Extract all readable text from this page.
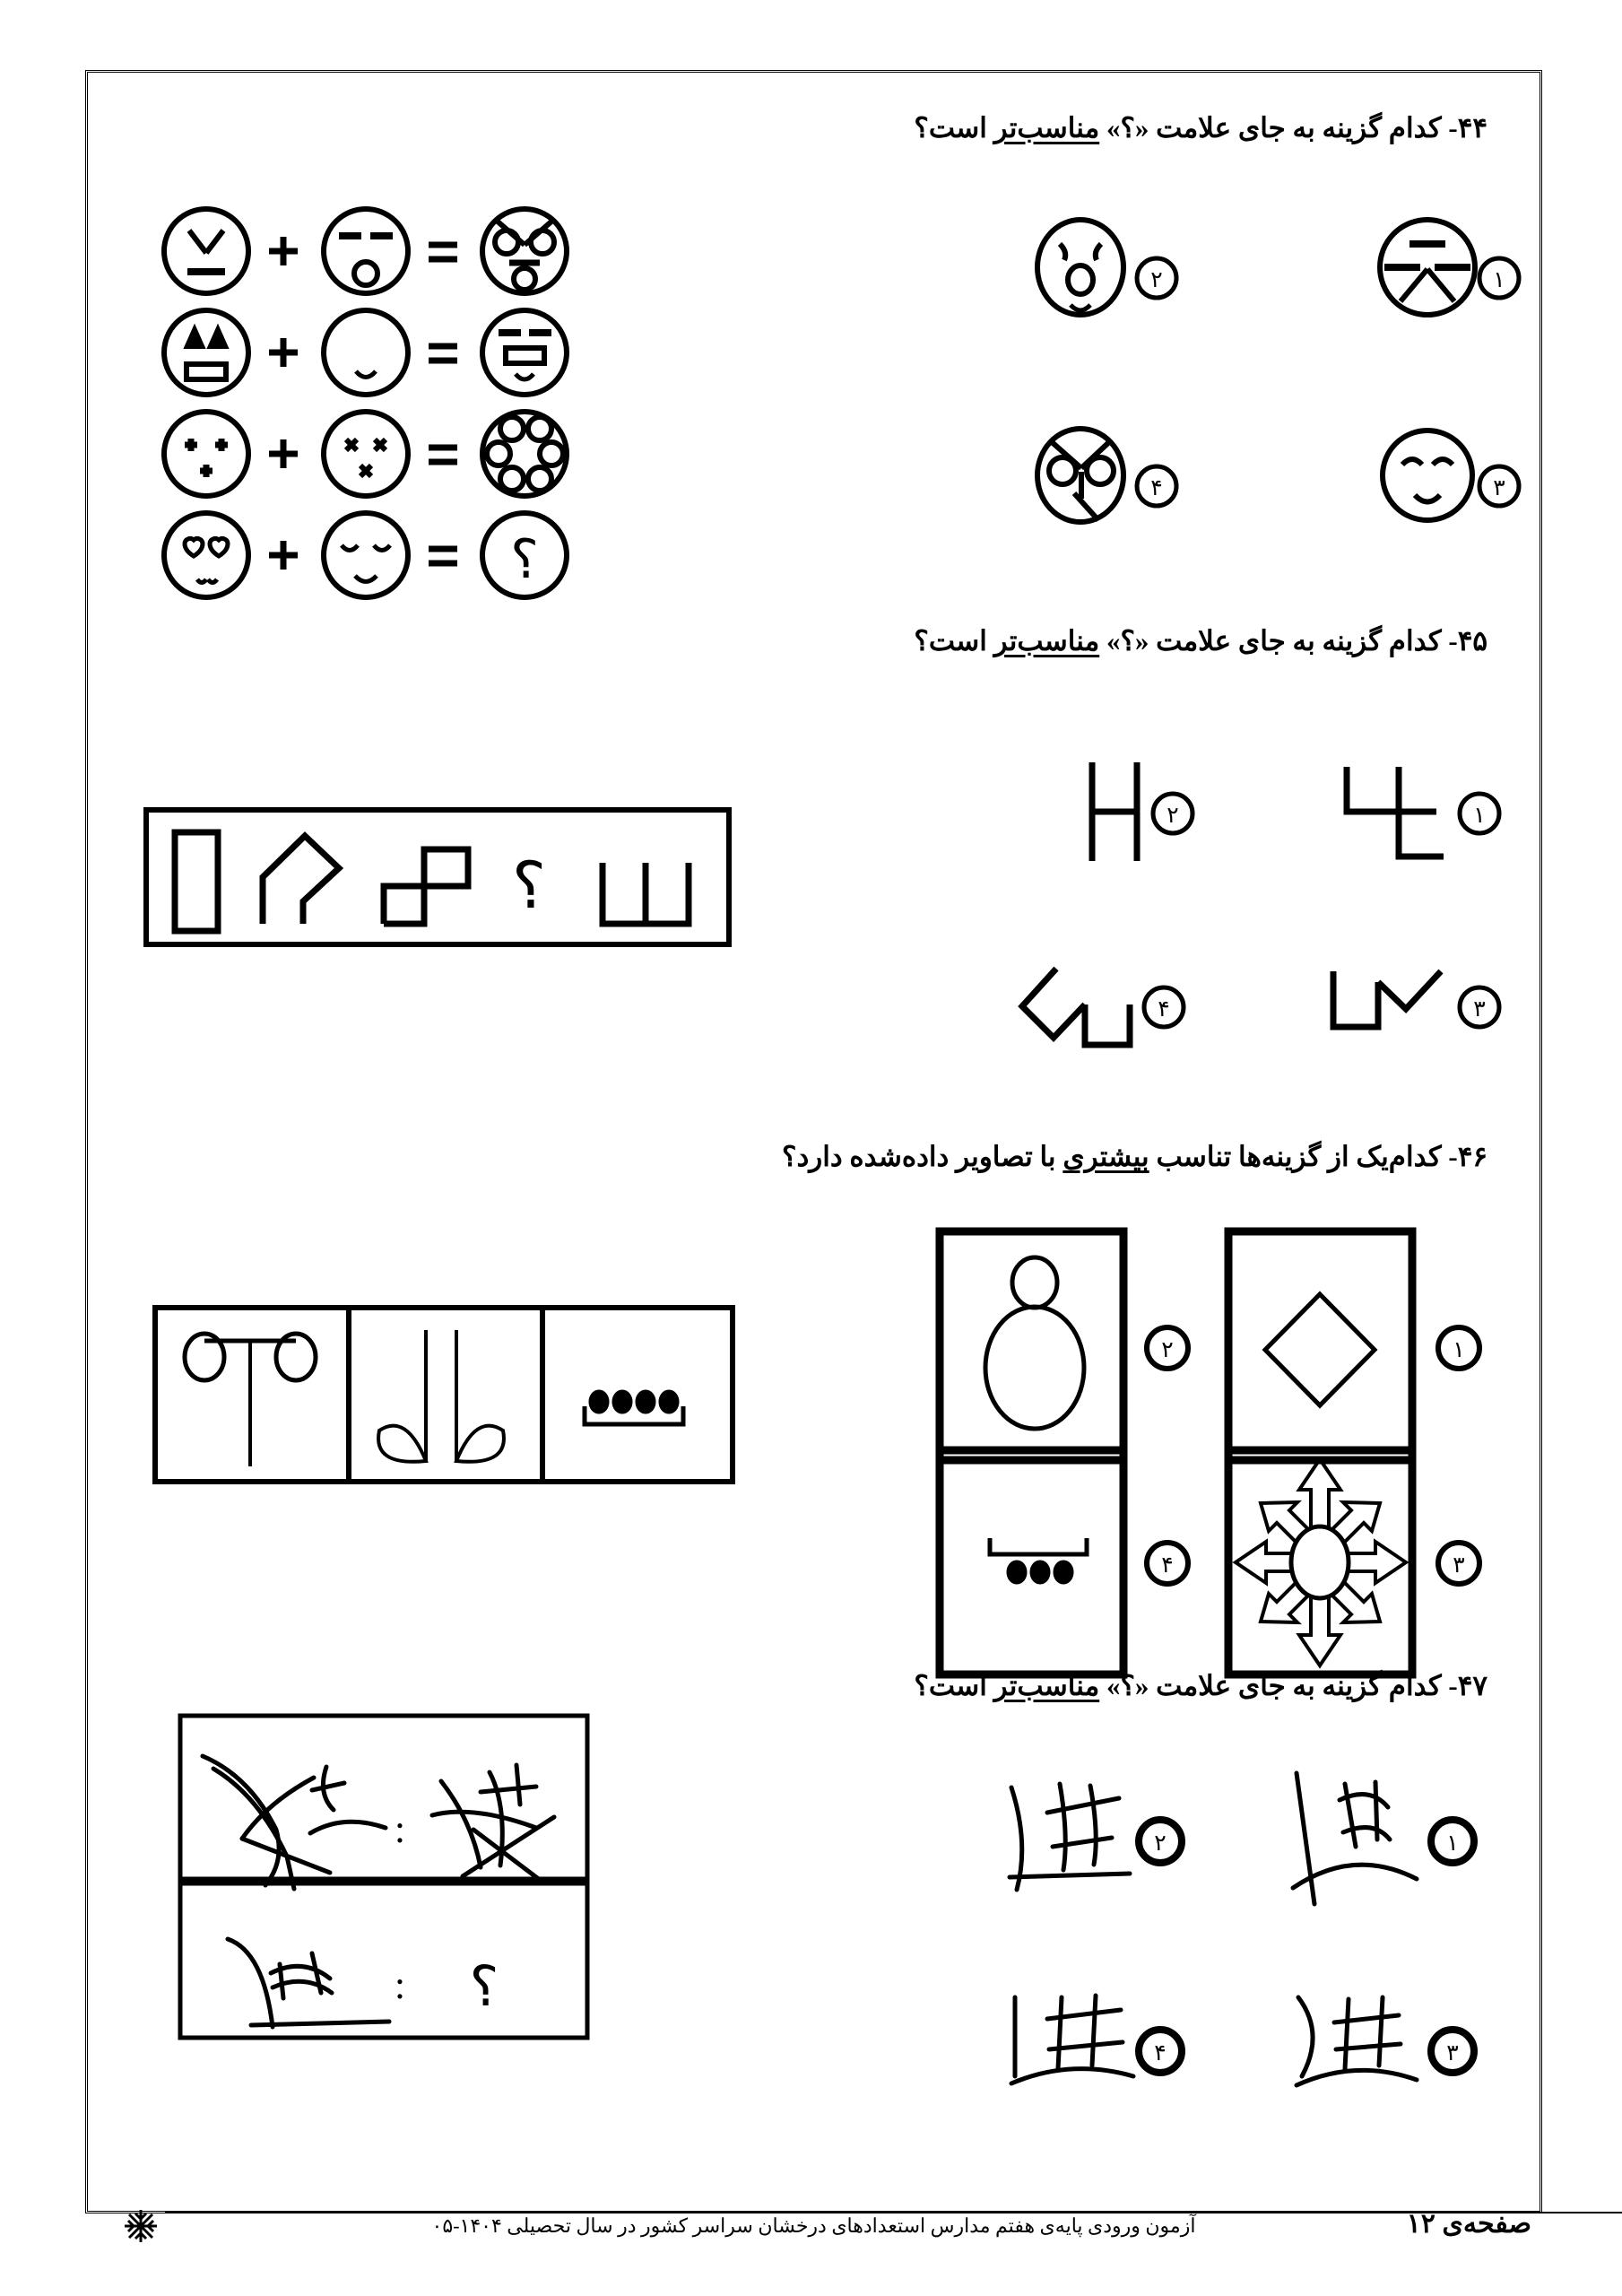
۴۴- کدام گزینه به جای علامت «؟» مناسب‌تر است؟
؟
۱
۲
۳
۴
۴۵- کدام گزینه به جای علامت «؟» مناسب‌تر است؟
؟
۱
۲
۳
۴
۴۶- کدام‌یک از گزینه‌ها تناسب بیشتری با تصاویر داده‌شده دارد؟
۱
۲
۳
۴
۴۷- کدام گزینه به جای علامت «؟» مناسب‌تر است؟
:
: ؟
۱
۲
۳
۴
صفحه‌ی ۱۲
آزمون ورودی پایه‌ی هفتم مدارس استعدادهای درخشان سراسر کشور در سال تحصیلی ۱۴۰۴-۰۵
